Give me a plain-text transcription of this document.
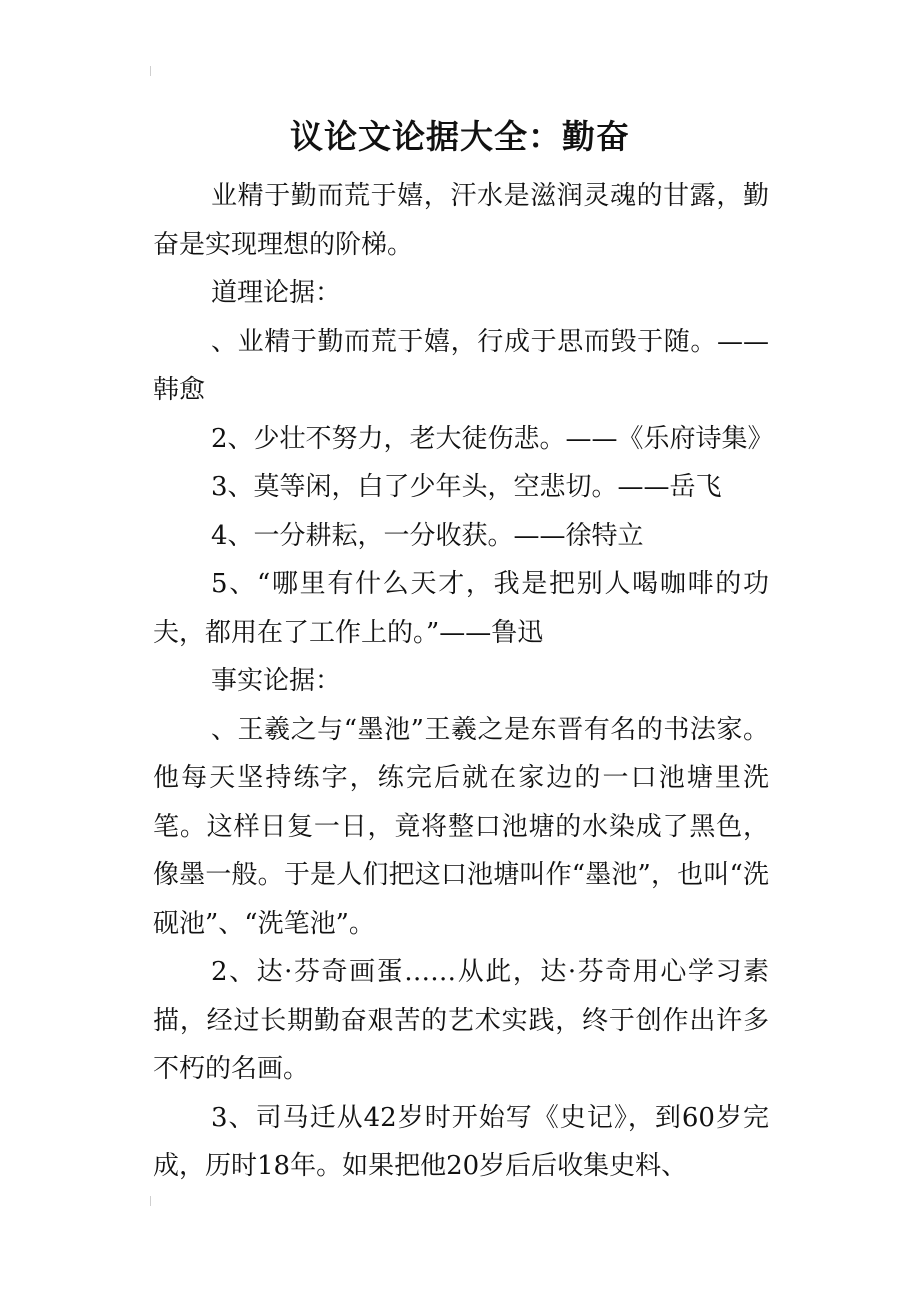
议论文论据大全：勤奋

业精于勤而荒于嬉，汗水是滋润灵魂的甘露，勤奋是实现理想的阶梯。

道理论据：

、业精于勤而荒于嬉，行成于思而毁于随。——韩愈

2、少壮不努力，老大徒伤悲。——《乐府诗集》

3、莫等闲，白了少年头，空悲切。——岳飞

4、一分耕耘，一分收获。——徐特立

5、“哪里有什么天才，我是把别人喝咖啡的功夫，都用在了工作上的。”——鲁迅

事实论据：

、王羲之与“墨池”王羲之是东晋有名的书法家。他每天坚持练字，练完后就在家边的一口池塘里洗笔。这样日复一日，竟将整口池塘的水染成了黑色，像墨一般。于是人们把这口池塘叫作“墨池”，也叫“洗砚池”、“洗笔池”。

2、达·芬奇画蛋……从此，达·芬奇用心学习素描，经过长期勤奋艰苦的艺术实践，终于创作出许多不朽的名画。

3、司马迁从42岁时开始写《史记》，到60岁完成，历时18年。如果把他20岁后后收集史料、
